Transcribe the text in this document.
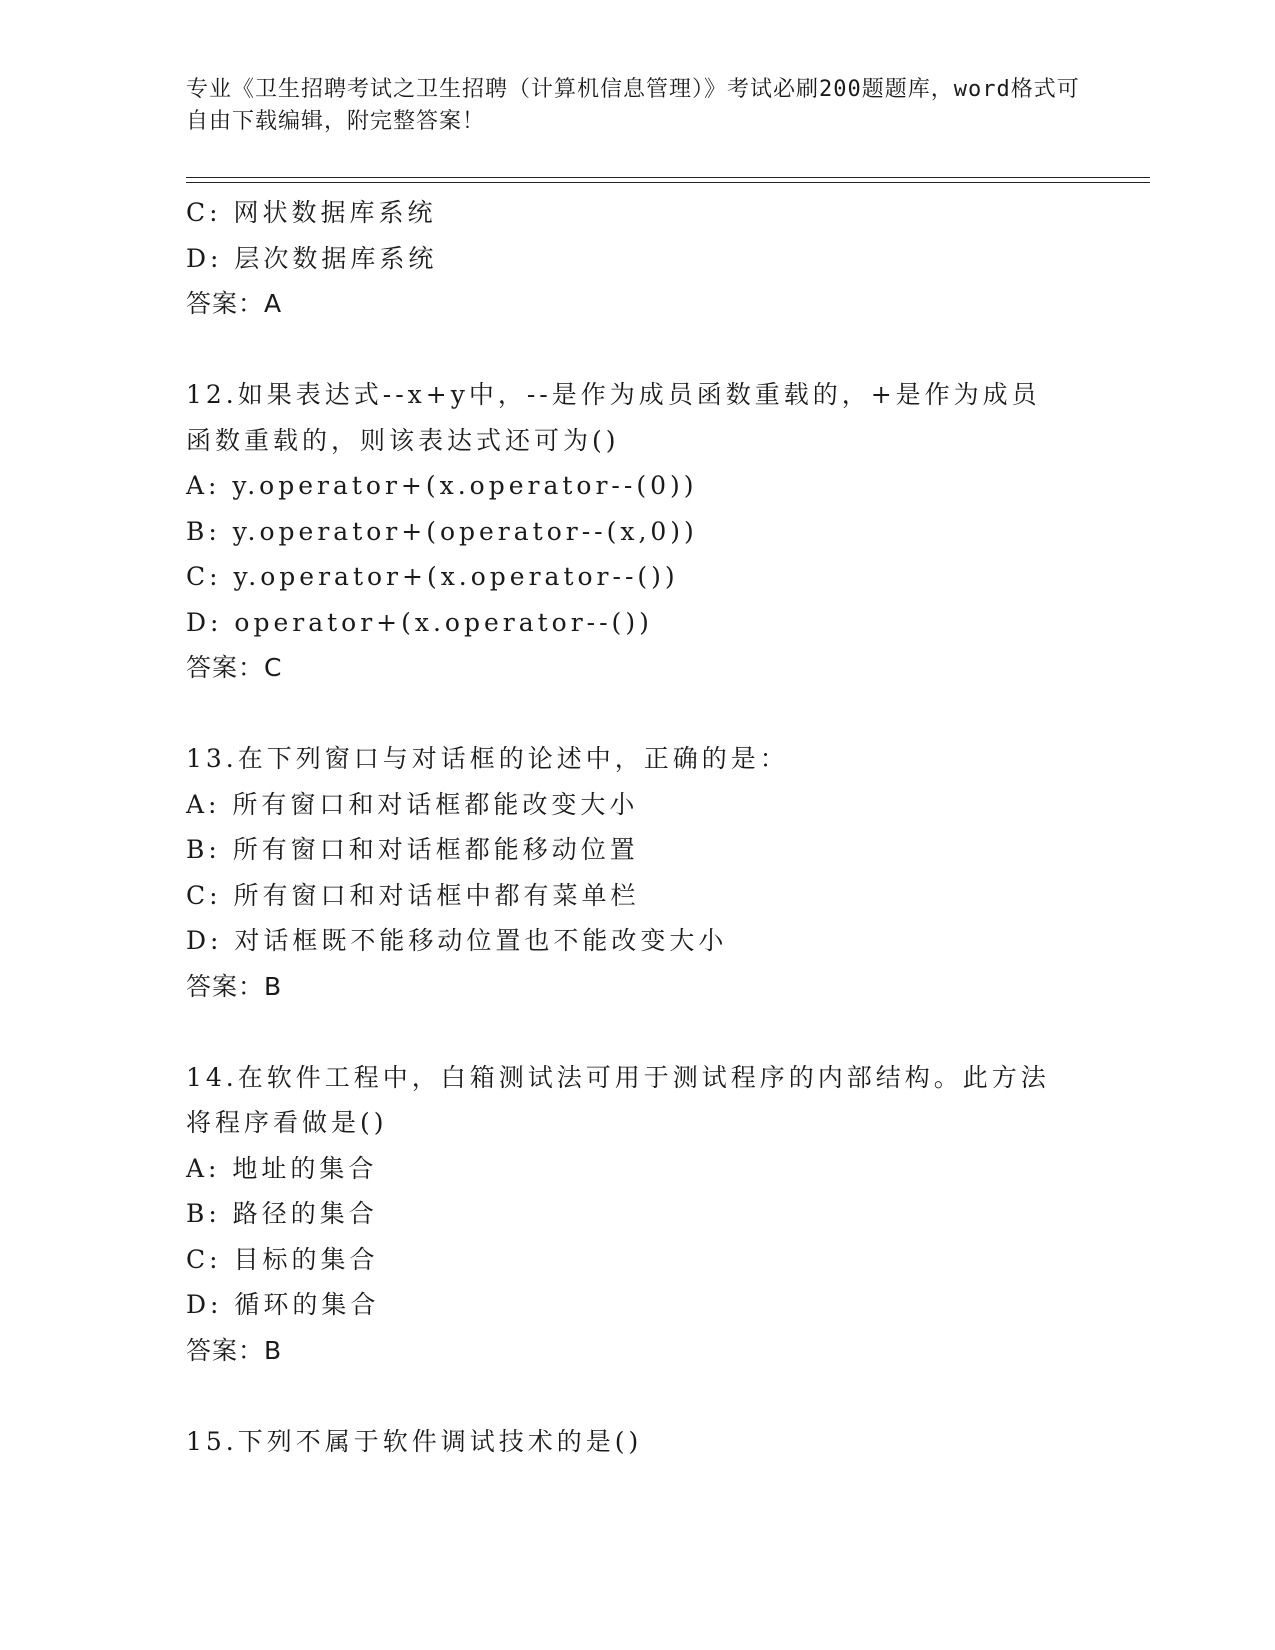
专业《卫生招聘考试之卫生招聘（计算机信息管理）》考试必刷200题题库，word格式可自由下载编辑，附完整答案！
C: 网状数据库系统
D: 层次数据库系统
答案：A
12.如果表达式--x+y中，--是作为成员函数重载的，+是作为成员函数重载的，则该表达式还可为()
A: y.operator+(x.operator--(0))
B: y.operator+(operator--(x,0))
C: y.operator+(x.operator--())
D: operator+(x.operator--())
答案：C
13.在下列窗口与对话框的论述中，正确的是：
A: 所有窗口和对话框都能改变大小
B: 所有窗口和对话框都能移动位置
C: 所有窗口和对话框中都有菜单栏
D: 对话框既不能移动位置也不能改变大小
答案：B
14.在软件工程中，白箱测试法可用于测试程序的内部结构。此方法将程序看做是()
A: 地址的集合
B: 路径的集合
C: 目标的集合
D: 循环的集合
答案：B
15.下列不属于软件调试技术的是()
